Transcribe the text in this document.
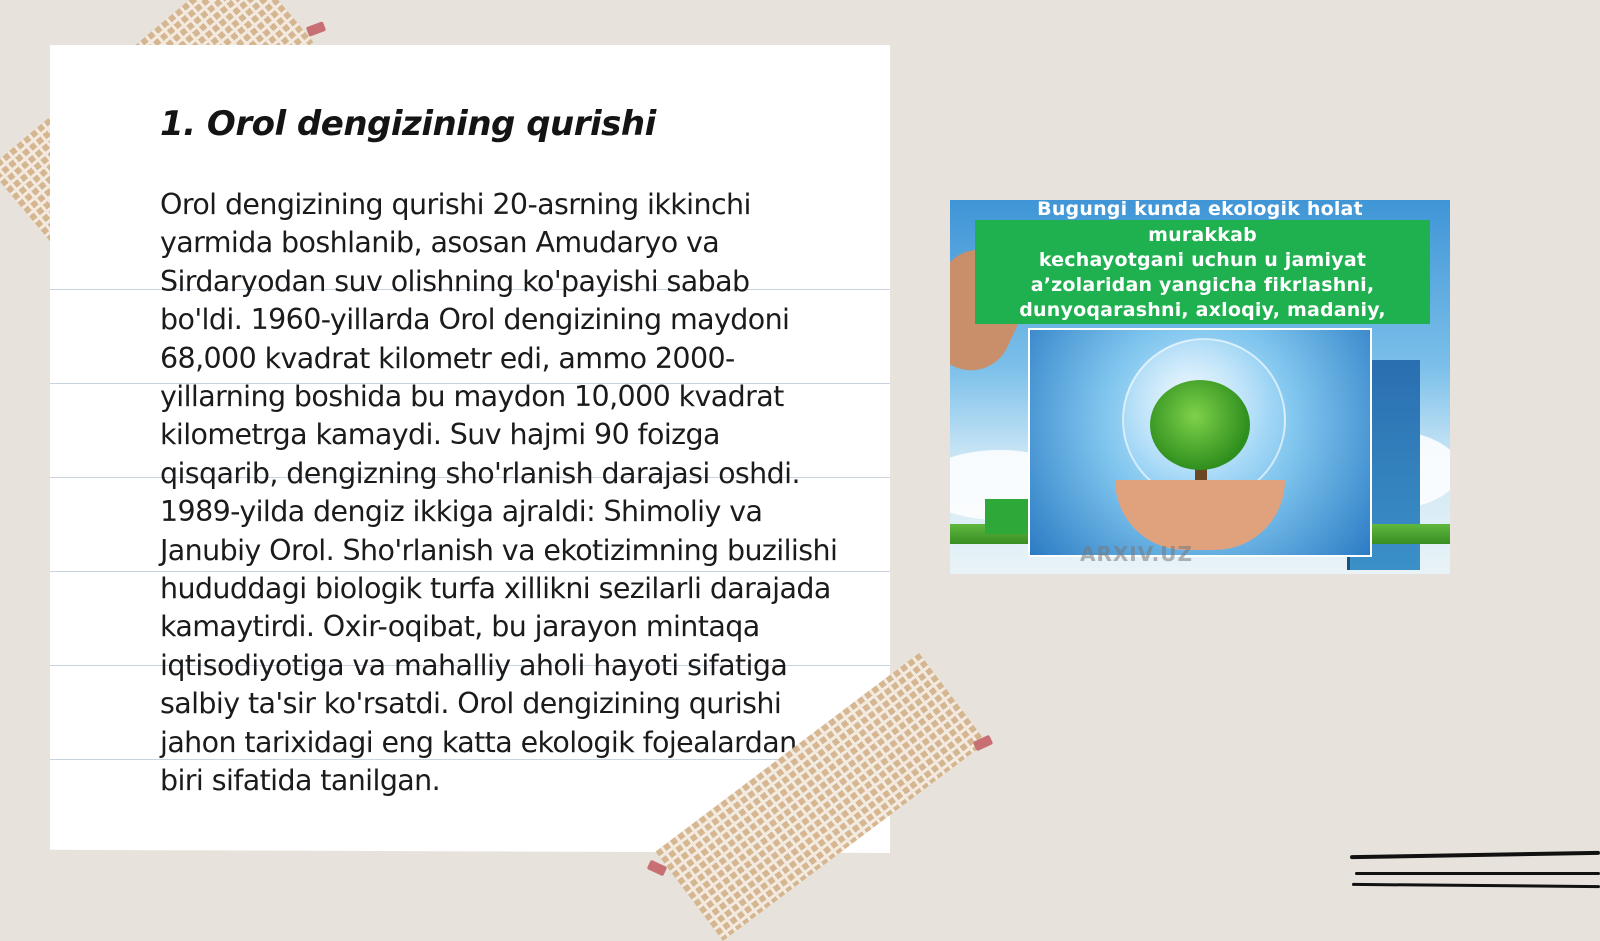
1. Orol dengizining qurishi

Orol dengizining qurishi 20-asrning ikkinchi yarmida boshlanib, asosan Amudaryo va Sirdaryodan suv olishning ko'payishi sabab bo'ldi. 1960-yillarda Orol dengizining maydoni 68,000 kvadrat kilometr edi, ammo 2000-yillarning boshida bu maydon 10,000 kvadrat kilometrga kamaydi. Suv hajmi 90 foizga qisqarib, dengizning sho'rlanish darajasi oshdi. 1989-yilda dengiz ikkiga ajraldi: Shimoliy va Janubiy Orol. Sho'rlanish va ekotizimning buzilishi hududdagi biologik turfa xillikni sezilarli darajada kamaytirdi. Oxir-oqibat, bu jarayon mintaqa iqtisodiyotiga va mahalliy aholi hayoti sifatiga salbiy ta'sir ko'rsatdi. Orol dengizining qurishi jahon tarixidagi eng katta ekologik fojealardan biri sifatida tanilgan.

murakkab
kechayotgani uchun u jamiyat
a’zolaridan yangicha fikrlashni,
dunyoqarashni, axloqiy, madaniy,
Bugungi kunda ekologik holat
ARXIV.UZ
